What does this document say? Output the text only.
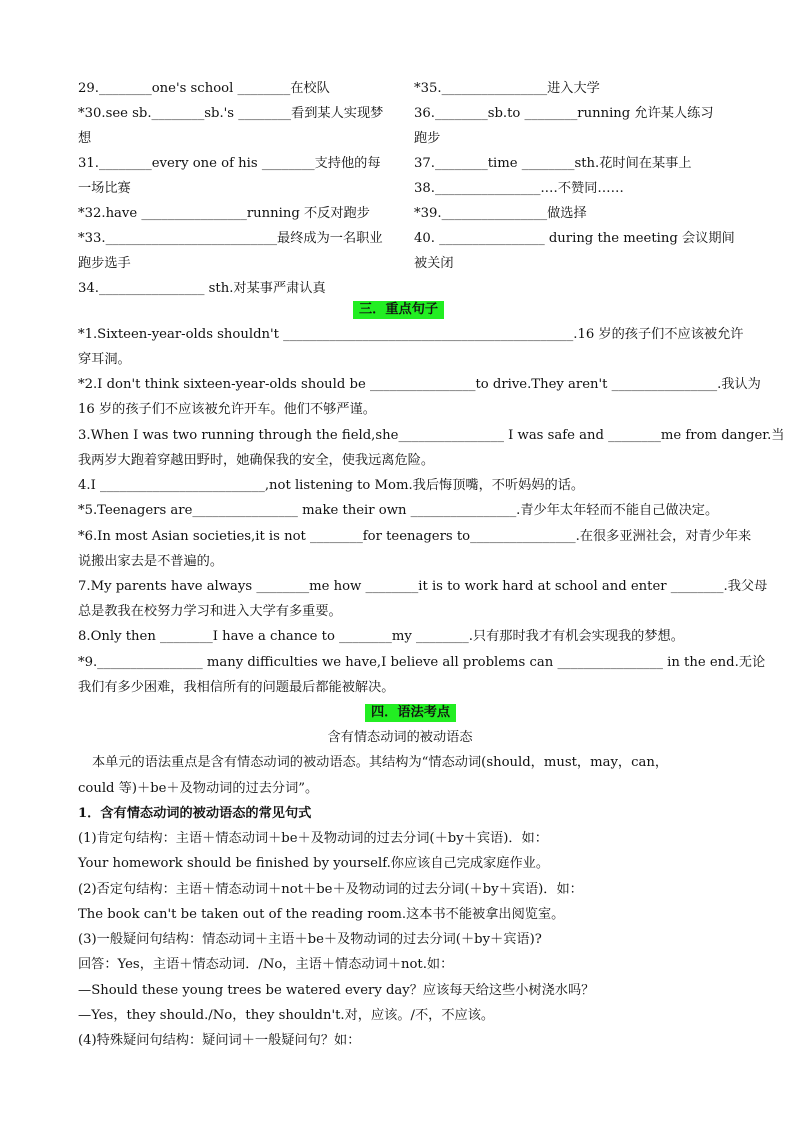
29.________one's school ________在校队
*30.see sb.________sb.'s ________看到某人实现梦
想
31.________every one of his ________支持他的每
一场比赛
*32.have ________________running 不反对跑步
*33.__________________________最终成为一名职业
跑步选手
34.________________ sth.对某事严肃认真
*35.________________进入大学
36.________sb.to ________running 允许某人练习
跑步
37.________time ________sth.花时间在某事上
38.________________.…不赞同……
*39.________________做选择
40. ________________ during the meeting 会议期间
被关闭
三．重点句子
*1.Sixteen-year-olds shouldn't ____________________________________________.16 岁的孩子们不应该被允许
穿耳洞。
*2.I don't think sixteen-year-olds should be ________________to drive.They aren't ________________.我认为
16 岁的孩子们不应该被允许开车。他们不够严谨。
3.When I was two running through the field,she________________ I was safe and ________me from danger.当
我两岁大跑着穿越田野时，她确保我的安全，使我远离危险。
4.I _________________________,not listening to Mom.我后悔顶嘴，不听妈妈的话。
*5.Teenagers are________________ make their own ________________.青少年太年轻而不能自己做决定。
*6.In most Asian societies,it is not ________for teenagers to________________.在很多亚洲社会，对青少年来
说搬出家去是不普遍的。
7.My parents have always ________me how ________it is to work hard at school and enter ________.我父母
总是教我在校努力学习和进入大学有多重要。
8.Only then ________I have a chance to ________my ________.只有那时我才有机会实现我的梦想。
*9.________________ many difficulties we have,I believe all problems can ________________ in the end.无论
我们有多少困难，我相信所有的问题最后都能被解决。
四．语法考点
含有情态动词的被动语态
本单元的语法重点是含有情态动词的被动语态。其结构为“情态动词(should，must，may，can，
could 等)＋be＋及物动词的过去分词”。
1．含有情态动词的被动语态的常见句式
(1)肯定句结构：主语＋情态动词＋be＋及物动词的过去分词(＋by＋宾语)．如：
Your homework should be finished by yourself.你应该自己完成家庭作业。
(2)否定句结构：主语＋情态动词＋not＋be＋及物动词的过去分词(＋by＋宾语)．如：
The book can't be taken out of the reading room.这本书不能被拿出阅览室。
(3)一般疑问句结构：情态动词＋主语＋be＋及物动词的过去分词(＋by＋宾语)?
回答：Yes，主语＋情态动词．/No，主语＋情态动词＋not.如：
—Should these young trees be watered every day？应该每天给这些小树浇水吗？
—Yes，they should./No，they shouldn't.对，应该。/不，不应该。
(4)特殊疑问句结构：疑问词＋一般疑问句？如：
